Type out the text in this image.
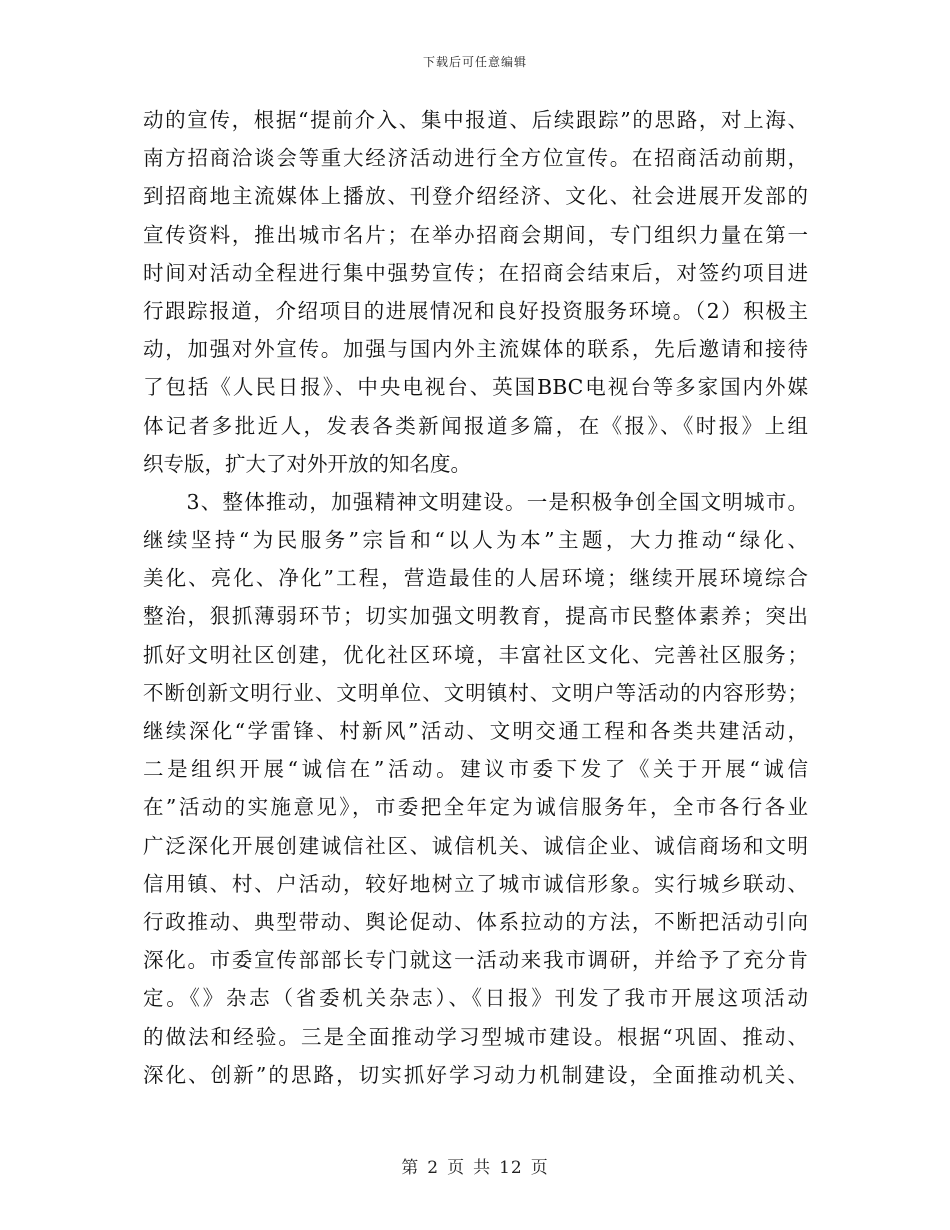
下载后可任意编辑
动的宣传，根据“提前介入、集中报道、后续跟踪”的思路，对上海、
南方招商洽谈会等重大经济活动进行全方位宣传。在招商活动前期，
到招商地主流媒体上播放、刊登介绍经济、文化、社会进展开发部的
宣传资料，推出城市名片；在举办招商会期间，专门组织力量在第一
时间对活动全程进行集中强势宣传；在招商会结束后，对签约项目进
行跟踪报道，介绍项目的进展情况和良好投资服务环境。（2）积极主
动，加强对外宣传。加强与国内外主流媒体的联系，先后邀请和接待
了包括《人民日报》、中央电视台、英国BBC电视台等多家国内外媒
体记者多批近人，发表各类新闻报道多篇，在《报》、《时报》上组
织专版，扩大了对外开放的知名度。
　　3、整体推动，加强精神文明建设。一是积极争创全国文明城市。
继续坚持“为民服务”宗旨和“以人为本”主题，大力推动“绿化、
美化、亮化、净化”工程，营造最佳的人居环境；继续开展环境综合
整治，狠抓薄弱环节；切实加强文明教育，提高市民整体素养；突出
抓好文明社区创建，优化社区环境，丰富社区文化、完善社区服务；
不断创新文明行业、文明单位、文明镇村、文明户等活动的内容形势；
继续深化“学雷锋、村新风”活动、文明交通工程和各类共建活动，
二是组织开展“诚信在”活动。建议市委下发了《关于开展“诚信
在”活动的实施意见》，市委把全年定为诚信服务年，全市各行各业
广泛深化开展创建诚信社区、诚信机关、诚信企业、诚信商场和文明
信用镇、村、户活动，较好地树立了城市诚信形象。实行城乡联动、
行政推动、典型带动、舆论促动、体系拉动的方法，不断把活动引向
深化。市委宣传部部长专门就这一活动来我市调研，并给予了充分肯
定。《》杂志（省委机关杂志）、《日报》刊发了我市开展这项活动
的做法和经验。三是全面推动学习型城市建设。根据“巩固、推动、
深化、创新”的思路，切实抓好学习动力机制建设，全面推动机关、
第 2 页 共 12 页
